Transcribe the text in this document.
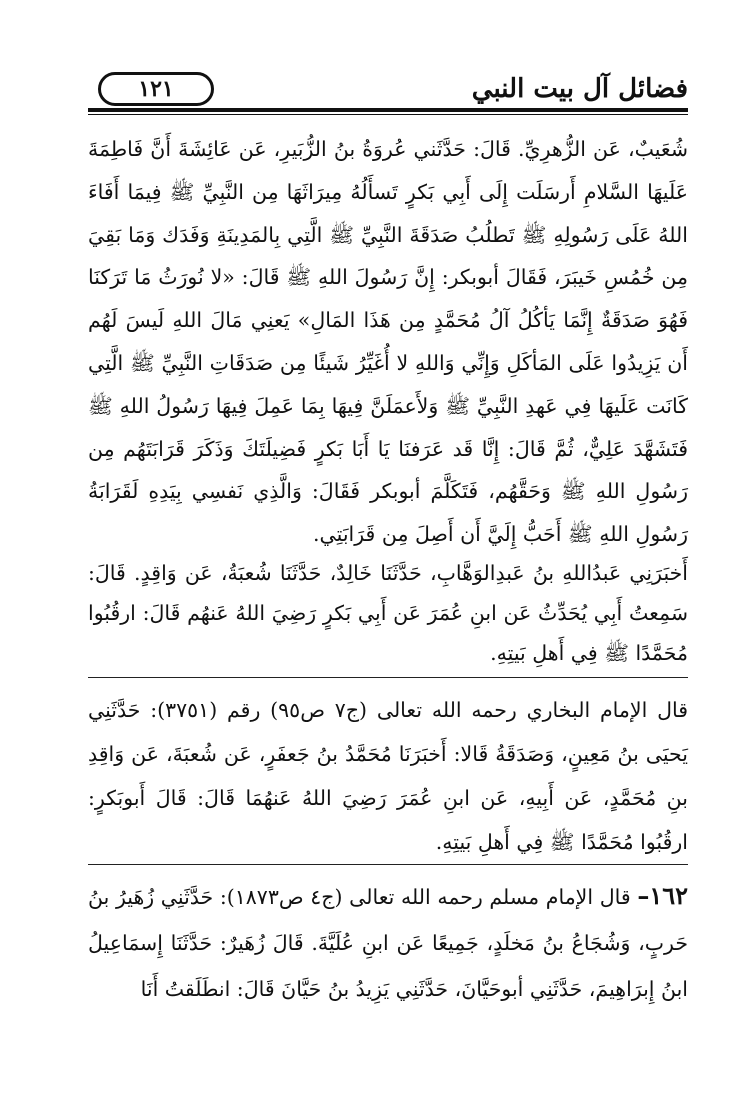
١٢١	فضائل آل بيت النبي
شُعَيبٌ، عَن الزُّهرِيِّ. قَالَ: حَدَّثَني عُروَةُ بنُ الزُّبَيرِ، عَن عَائِشَةَ أَنَّ فَاطِمَةَ عَلَيهَا السَّلامِ أَرسَلَت إِلَى أَبِي بَكرٍ تَسأَلُهُ مِيرَاثَهَا مِن النَّبِيِّ ﷺ فِيمَا أَفَاءَ اللهُ عَلَى رَسُولِهِ ﷺ تَطلُبُ صَدَقَةَ النَّبِيِّ ﷺ الَّتِي بِالمَدِينَةِ وَفَدَك وَمَا بَقِيَ مِن خُمُسِ خَيبَرَ، فَقَالَ أبوبكر: إِنَّ رَسُولَ اللهِ ﷺ قَالَ: «لا نُورَثُ مَا تَرَكنَا فَهُوَ صَدَقَةٌ إِنَّمَا يَأكُلُ آلُ مُحَمَّدٍ مِن هَذَا المَالِ» يَعنِي مَالَ اللهِ لَيسَ لَهُم أَن يَزِيدُوا عَلَى المَأكَلِ وَإِنِّي وَاللهِ لا أُغَيِّرُ شَيئًا مِن صَدَقَاتِ النَّبِيِّ ﷺ الَّتِي كَانَت عَلَيهَا فِي عَهدِ النَّبِيِّ ﷺ وَلأَعمَلَنَّ فِيهَا بِمَا عَمِلَ فِيهَا رَسُولُ اللهِ ﷺ فَتَشَهَّدَ عَلِيٌّ، ثُمَّ قَالَ: إِنَّا قَد عَرَفنَا يَا أَبَا بَكرٍ فَضِيلَتَكَ وَذَكَرَ قَرَابَتَهُم مِن رَسُولِ اللهِ ﷺ وَحَقَّهُم، فَتَكَلَّمَ أبوبكر فَقَالَ: وَالَّذِي نَفسِي بِيَدِهِ لَقَرَابَةُ رَسُولِ اللهِ ﷺ أَحَبُّ إِلَيَّ أَن أَصِلَ مِن قَرَابَتِي.
أَخبَرَنِي عَبدُاللهِ بنُ عَبدِالوَهَّابِ، حَدَّثَنَا خَالِدٌ، حَدَّثَنَا شُعبَةُ، عَن وَاقِدٍ. قَالَ: سَمِعتُ أَبِي يُحَدِّثُ عَن ابنِ عُمَرَ عَن أَبِي بَكرٍ رَضِيَ اللهُ عَنهُم قَالَ: ارقُبُوا مُحَمَّدًا ﷺ فِي أَهلِ بَيتِهِ.
قال الإمام البخاري رحمه الله تعالى (ج٧ ص٩٥) رقم (٣٧٥١): حَدَّثَنِي يَحيَى بنُ مَعِينٍ، وَصَدَقَةُ قَالا: أَخبَرَنَا مُحَمَّدُ بنُ جَعفَرٍ، عَن شُعبَةَ، عَن وَاقِدِ بنِ مُحَمَّدٍ، عَن أَبِيهِ، عَن ابنِ عُمَرَ رَضِيَ اللهُ عَنهُمَا قَالَ: قَالَ أَبوبَكرٍ: ارقُبُوا مُحَمَّدًا ﷺ فِي أَهلِ بَيتِهِ.
١٦٢– قال الإمام مسلم رحمه الله تعالى (ج٤ ص١٨٧٣): حَدَّثَنِي زُهَيرُ بنُ حَربٍ، وَشُجَاعُ بنُ مَخلَدٍ، جَمِيعًا عَن ابنِ عُلَيَّةَ. قَالَ زُهَيرٌ: حَدَّثَنَا إِسمَاعِيلُ ابنُ إِبرَاهِيمَ، حَدَّثَنِي أبوحَيَّانَ، حَدَّثَنِي يَزِيدُ بنُ حَيَّانَ قَالَ: انطَلَقتُ أَنَا
